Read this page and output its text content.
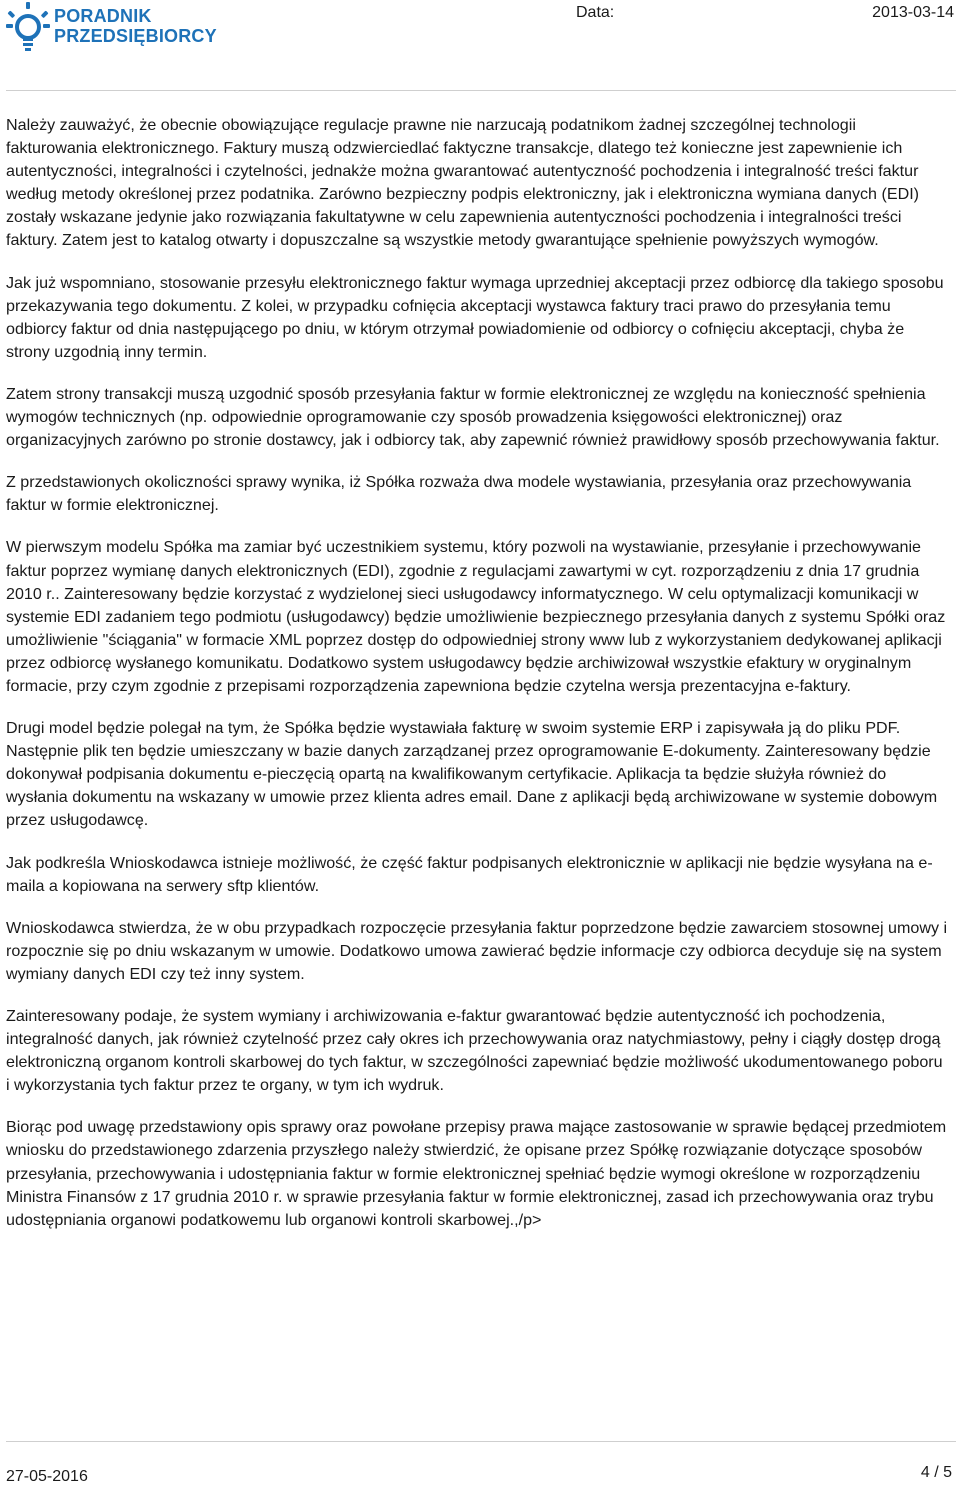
PORADNIK
PRZEDSIĘBIORCY
Data:	2013-03-14

Należy zauważyć, że obecnie obowiązujące regulacje prawne nie narzucają podatnikom żadnej szczególnej technologii fakturowania elektronicznego. Faktury muszą odzwierciedlać faktyczne transakcje, dlatego też konieczne jest zapewnienie ich autentyczności, integralności i czytelności, jednakże można gwarantować autentyczność pochodzenia i integralność treści faktur według metody określonej przez podatnika. Zarówno bezpieczny podpis elektroniczny, jak i elektroniczna wymiana danych (EDI) zostały wskazane jedynie jako rozwiązania fakultatywne w celu zapewnienia autentyczności pochodzenia i integralności treści faktury. Zatem jest to katalog otwarty i dopuszczalne są wszystkie metody gwarantujące spełnienie powyższych wymogów.

Jak już wspomniano, stosowanie przesyłu elektronicznego faktur wymaga uprzedniej akceptacji przez odbiorcę dla takiego sposobu przekazywania tego dokumentu. Z kolei, w przypadku cofnięcia akceptacji wystawca faktury traci prawo do przesyłania temu odbiorcy faktur od dnia następującego po dniu, w którym otrzymał powiadomienie od odbiorcy o cofnięciu akceptacji, chyba że strony uzgodnią inny termin.

Zatem strony transakcji muszą uzgodnić sposób przesyłania faktur w formie elektronicznej ze względu na konieczność spełnienia wymogów technicznych (np. odpowiednie oprogramowanie czy sposób prowadzenia księgowości elektronicznej) oraz organizacyjnych zarówno po stronie dostawcy, jak i odbiorcy tak, aby zapewnić również prawidłowy sposób przechowywania faktur.

Z przedstawionych okoliczności sprawy wynika, iż Spółka rozważa dwa modele wystawiania, przesyłania oraz przechowywania faktur w formie elektronicznej.

W pierwszym modelu Spółka ma zamiar być uczestnikiem systemu, który pozwoli na wystawianie, przesyłanie i przechowywanie faktur poprzez wymianę danych elektronicznych (EDI), zgodnie z regulacjami zawartymi w cyt. rozporządzeniu z dnia 17 grudnia 2010 r.. Zainteresowany będzie korzystać z wydzielonej sieci usługodawcy informatycznego. W celu optymalizacji komunikacji w systemie EDI zadaniem tego podmiotu (usługodawcy) będzie umożliwienie bezpiecznego przesyłania danych z systemu Spółki oraz umożliwienie "ściągania" w formacie XML poprzez dostęp do odpowiedniej strony www lub z wykorzystaniem dedykowanej aplikacji przez odbiorcę wysłanego komunikatu. Dodatkowo system usługodawcy będzie archiwizował wszystkie efaktury w oryginalnym formacie, przy czym zgodnie z przepisami rozporządzenia zapewniona będzie czytelna wersja prezentacyjna e-faktury.

Drugi model będzie polegał na tym, że Spółka będzie wystawiała fakturę w swoim systemie ERP i zapisywała ją do pliku PDF. Następnie plik ten będzie umieszczany w bazie danych zarządzanej przez oprogramowanie E-dokumenty. Zainteresowany będzie dokonywał podpisania dokumentu e-pieczęcią opartą na kwalifikowanym certyfikacie. Aplikacja ta będzie służyła również do wysłania dokumentu na wskazany w umowie przez klienta adres email. Dane z aplikacji będą archiwizowane w systemie dobowym przez usługodawcę.

Jak podkreśla Wnioskodawca istnieje możliwość, że część faktur podpisanych elektronicznie w aplikacji nie będzie wysyłana na e-maila a kopiowana na serwery sftp klientów.

Wnioskodawca stwierdza, że w obu przypadkach rozpoczęcie przesyłania faktur poprzedzone będzie zawarciem stosownej umowy i rozpocznie się po dniu wskazanym w umowie. Dodatkowo umowa zawierać będzie informacje czy odbiorca decyduje się na system wymiany danych EDI czy też inny system.

Zainteresowany podaje, że system wymiany i archiwizowania e-faktur gwarantować będzie autentyczność ich pochodzenia, integralność danych, jak również czytelność przez cały okres ich przechowywania oraz natychmiastowy, pełny i ciągły dostęp drogą elektroniczną organom kontroli skarbowej do tych faktur, w szczególności zapewniać będzie możliwość ukodumentowanego poboru i wykorzystania tych faktur przez te organy, w tym ich wydruk.

Biorąc pod uwagę przedstawiony opis sprawy oraz powołane przepisy prawa mające zastosowanie w sprawie będącej przedmiotem wniosku do przedstawionego zdarzenia przyszłego należy stwierdzić, że opisane przez Spółkę rozwiązanie dotyczące sposobów przesyłania, przechowywania i udostępniania faktur w formie elektronicznej spełniać będzie wymogi określone w rozporządzeniu Ministra Finansów z 17 grudnia 2010 r. w sprawie przesyłania faktur w formie elektronicznej, zasad ich przechowywania oraz trybu udostępniania organowi podatkowemu lub organowi kontroli skarbowej.,/p>

27-05-2016	4 / 5
